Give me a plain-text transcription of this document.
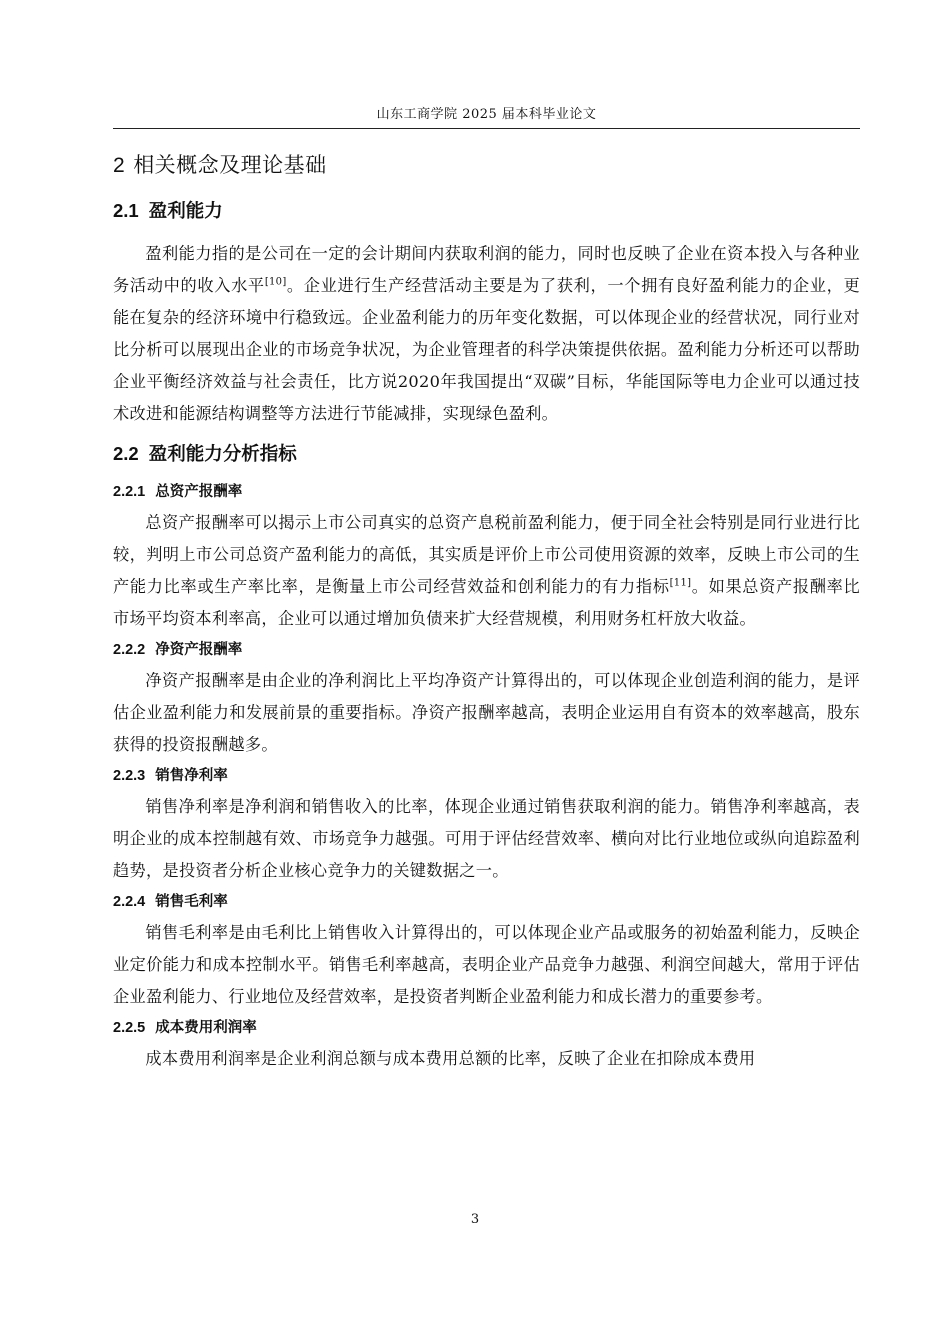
山东工商学院 2025 届本科毕业论文
2 相关概念及理论基础
2.1 盈利能力

盈利能力指的是公司在一定的会计期间内获取利润的能力，同时也反映了企业在资本投入与各种业务活动中的收入水平[10]。企业进行生产经营活动主要是为了获利，一个拥有良好盈利能力的企业，更能在复杂的经济环境中行稳致远。企业盈利能力的历年变化数据，可以体现企业的经营状况，同行业对比分析可以展现出企业的市场竞争状况，为企业管理者的科学决策提供依据。盈利能力分析还可以帮助企业平衡经济效益与社会责任，比方说2020年我国提出“双碳”目标，华能国际等电力企业可以通过技术改进和能源结构调整等方法进行节能减排，实现绿色盈利。

2.2 盈利能力分析指标
2.2.1 总资产报酬率

总资产报酬率可以揭示上市公司真实的总资产息税前盈利能力，便于同全社会特别是同行业进行比较，判明上市公司总资产盈利能力的高低，其实质是评价上市公司使用资源的效率，反映上市公司的生产能力比率或生产率比率，是衡量上市公司经营效益和创利能力的有力指标[11]。如果总资产报酬率比市场平均资本利率高，企业可以通过增加负债来扩大经营规模，利用财务杠杆放大收益。

2.2.2 净资产报酬率

净资产报酬率是由企业的净利润比上平均净资产计算得出的，可以体现企业创造利润的能力，是评估企业盈利能力和发展前景的重要指标。净资产报酬率越高，表明企业运用自有资本的效率越高，股东获得的投资报酬越多。

2.2.3 销售净利率

销售净利率是净利润和销售收入的比率，体现企业通过销售获取利润的能力。销售净利率越高，表明企业的成本控制越有效、市场竞争力越强。可用于评估经营效率、横向对比行业地位或纵向追踪盈利趋势，是投资者分析企业核心竞争力的关键数据之一。

2.2.4 销售毛利率

销售毛利率是由毛利比上销售收入计算得出的，可以体现企业产品或服务的初始盈利能力，反映企业定价能力和成本控制水平。销售毛利率越高，表明企业产品竞争力越强、利润空间越大，常用于评估企业盈利能力、行业地位及经营效率，是投资者判断企业盈利能力和成长潜力的重要参考。

2.2.5 成本费用利润率

成本费用利润率是企业利润总额与成本费用总额的比率，反映了企业在扣除成本费用

3
